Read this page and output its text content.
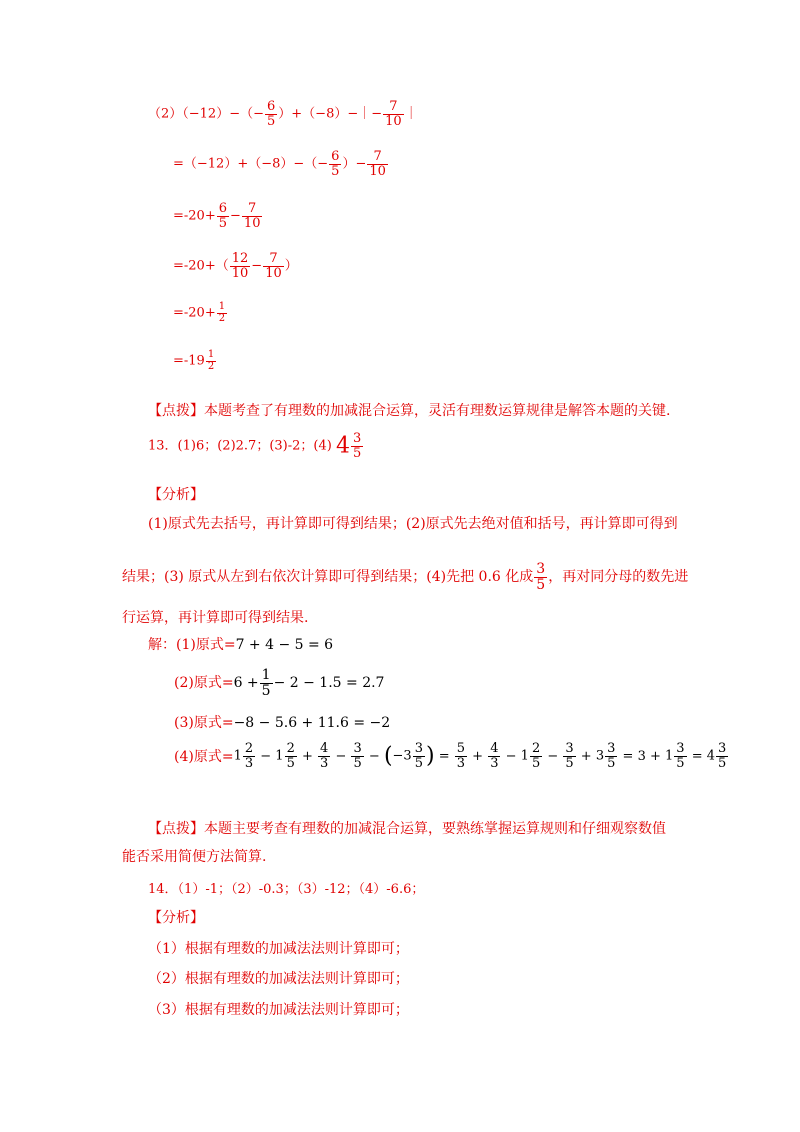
$(2)(-12)-(- \frac{6}{5}$ ）+（−8）−｜− $\frac{7}{10}$ ｜
$=(-12)+(-8)-(- \frac{6}{5}$ ）− $\frac{7}{10}$
$=-20+ \frac{6}{5} - \frac{7}{10}$
$=-20+( \frac{12}{10} - \frac{7}{10}$ ）
$=-20+ \frac{1}{2}$
$=-19 \frac{1}{2}$
【点拨】本题考查了有理数的加减混合运算，灵活有理数运算规律是解答本题的关键.
13．(1)6；(2)2.7；(3)-2；(4) $4 \frac{3}{5}$
【分析】
(1)原式先去括号，再计算即可得到结果；(2)原式先去绝对值和括号，再计算即可得到
结果；(3) 原式从左到右依次计算即可得到结果；(4)先把 0.6 化成 $\frac{3}{5}$ ，再对同分母的数先进
行运算，再计算即可得到结果.
解：(1)原式=7 + 4 − 5 = 6
(2)原式$=6 + \frac{1}{5} - 2 - 1.5 = 2.7$
(3)原式=−8 − 5.6 + 11.6 = −2
(4)原式$=1 \frac{2}{3} - 1 \frac{2}{5} + \frac{4}{3} - \frac{3}{5} - (-3 \frac{3}{5}$ ) = $\frac{5}{3} + \frac{4}{3} - 1 \frac{2}{5} - \frac{3}{5} + 3 \frac{3}{5} = 3 + 1 \frac{3}{5} = 4 \frac{3}{5}$
【点拨】本题主要考查有理数的加减混合运算，要熟练掌握运算规则和仔细观察数值
能否采用简便方法简算.
14．（1）-1；（2）-0.3；（3）-12；（4）-6.6；
【分析】
（1）根据有理数的加减法法则计算即可；
（2）根据有理数的加减法法则计算即可；
（3）根据有理数的加减法法则计算即可；
